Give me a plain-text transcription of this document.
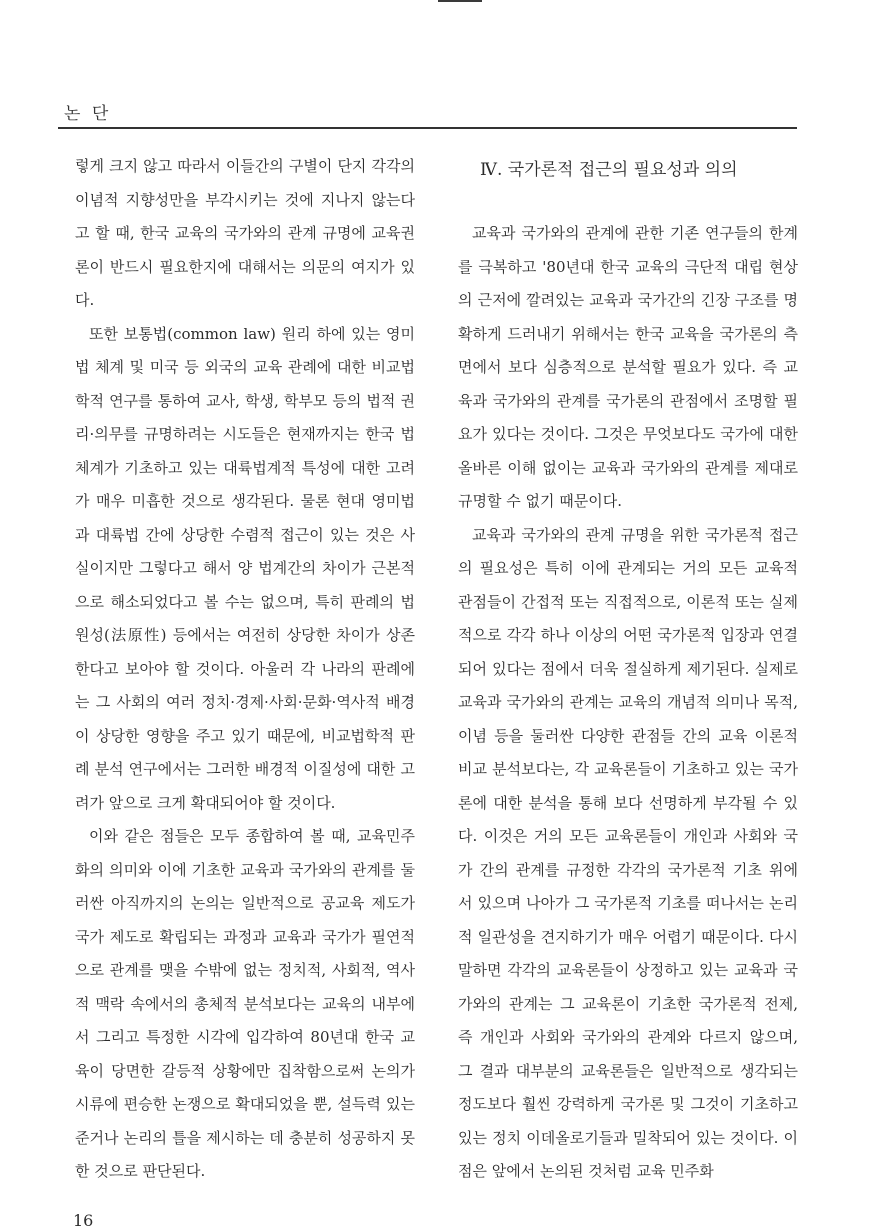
논 단

렇게 크지 않고 따라서 이들간의 구별이 단지 각각의 이념적 지향성만을 부각시키는 것에 지나지 않는다고 할 때, 한국 교육의 국가와의 관계 규명에 교육권론이 반드시 필요한지에 대해서는 의문의 여지가 있다.

또한 보통법(common law) 원리 하에 있는 영미법 체계 및 미국 등 외국의 교육 관례에 대한 비교법학적 연구를 통하여 교사, 학생, 학부모 등의 법적 권리·의무를 규명하려는 시도들은 현재까지는 한국 법체계가 기초하고 있는 대륙법계적 특성에 대한 고려가 매우 미흡한 것으로 생각된다. 물론 현대 영미법과 대륙법 간에 상당한 수렴적 접근이 있는 것은 사실이지만 그렇다고 해서 양 법계간의 차이가 근본적으로 해소되었다고 볼 수는 없으며, 특히 판례의 법원성(法原性) 등에서는 여전히 상당한 차이가 상존한다고 보아야 할 것이다. 아울러 각 나라의 판례에는 그 사회의 여러 정치·경제·사회·문화·역사적 배경이 상당한 영향을 주고 있기 때문에, 비교법학적 판례 분석 연구에서는 그러한 배경적 이질성에 대한 고려가 앞으로 크게 확대되어야 할 것이다.

이와 같은 점들은 모두 종합하여 볼 때, 교육민주화의 의미와 이에 기초한 교육과 국가와의 관계를 둘러싼 아직까지의 논의는 일반적으로 공교육 제도가 국가 제도로 확립되는 과정과 교육과 국가가 필연적으로 관계를 맺을 수밖에 없는 정치적, 사회적, 역사적 맥락 속에서의 총체적 분석보다는 교육의 내부에서 그리고 특정한 시각에 입각하여 80년대 한국 교육이 당면한 갈등적 상황에만 집착함으로써 논의가 시류에 편승한 논쟁으로 확대되었을 뿐, 설득력 있는 준거나 논리의 틀을 제시하는 데 충분히 성공하지 못한 것으로 판단된다.

Ⅳ. 국가론적 접근의 필요성과 의의

교육과 국가와의 관계에 관한 기존 연구들의 한계를 극복하고 '80년대 한국 교육의 극단적 대립 현상의 근저에 깔려있는 교육과 국가간의 긴장 구조를 명확하게 드러내기 위해서는 한국 교육을 국가론의 측면에서 보다 심층적으로 분석할 필요가 있다. 즉 교육과 국가와의 관계를 국가론의 관점에서 조명할 필요가 있다는 것이다. 그것은 무엇보다도 국가에 대한 올바른 이해 없이는 교육과 국가와의 관계를 제대로 규명할 수 없기 때문이다.

교육과 국가와의 관계 규명을 위한 국가론적 접근의 필요성은 특히 이에 관계되는 거의 모든 교육적 관점들이 간접적 또는 직접적으로, 이론적 또는 실제적으로 각각 하나 이상의 어떤 국가론적 입장과 연결되어 있다는 점에서 더욱 절실하게 제기된다. 실제로 교육과 국가와의 관계는 교육의 개념적 의미나 목적, 이념 등을 둘러싼 다양한 관점들 간의 교육 이론적 비교 분석보다는, 각 교육론들이 기초하고 있는 국가론에 대한 분석을 통해 보다 선명하게 부각될 수 있다. 이것은 거의 모든 교육론들이 개인과 사회와 국가 간의 관계를 규정한 각각의 국가론적 기초 위에 서 있으며 나아가 그 국가론적 기초를 떠나서는 논리적 일관성을 견지하기가 매우 어렵기 때문이다. 다시 말하면 각각의 교육론들이 상정하고 있는 교육과 국가와의 관계는 그 교육론이 기초한 국가론적 전제, 즉 개인과 사회와 국가와의 관계와 다르지 않으며, 그 결과 대부분의 교육론들은 일반적으로 생각되는 정도보다 훨씬 강력하게 국가론 및 그것이 기초하고 있는 정치 이데올로기들과 밀착되어 있는 것이다. 이 점은 앞에서 논의된 것처럼 교육 민주화

16
